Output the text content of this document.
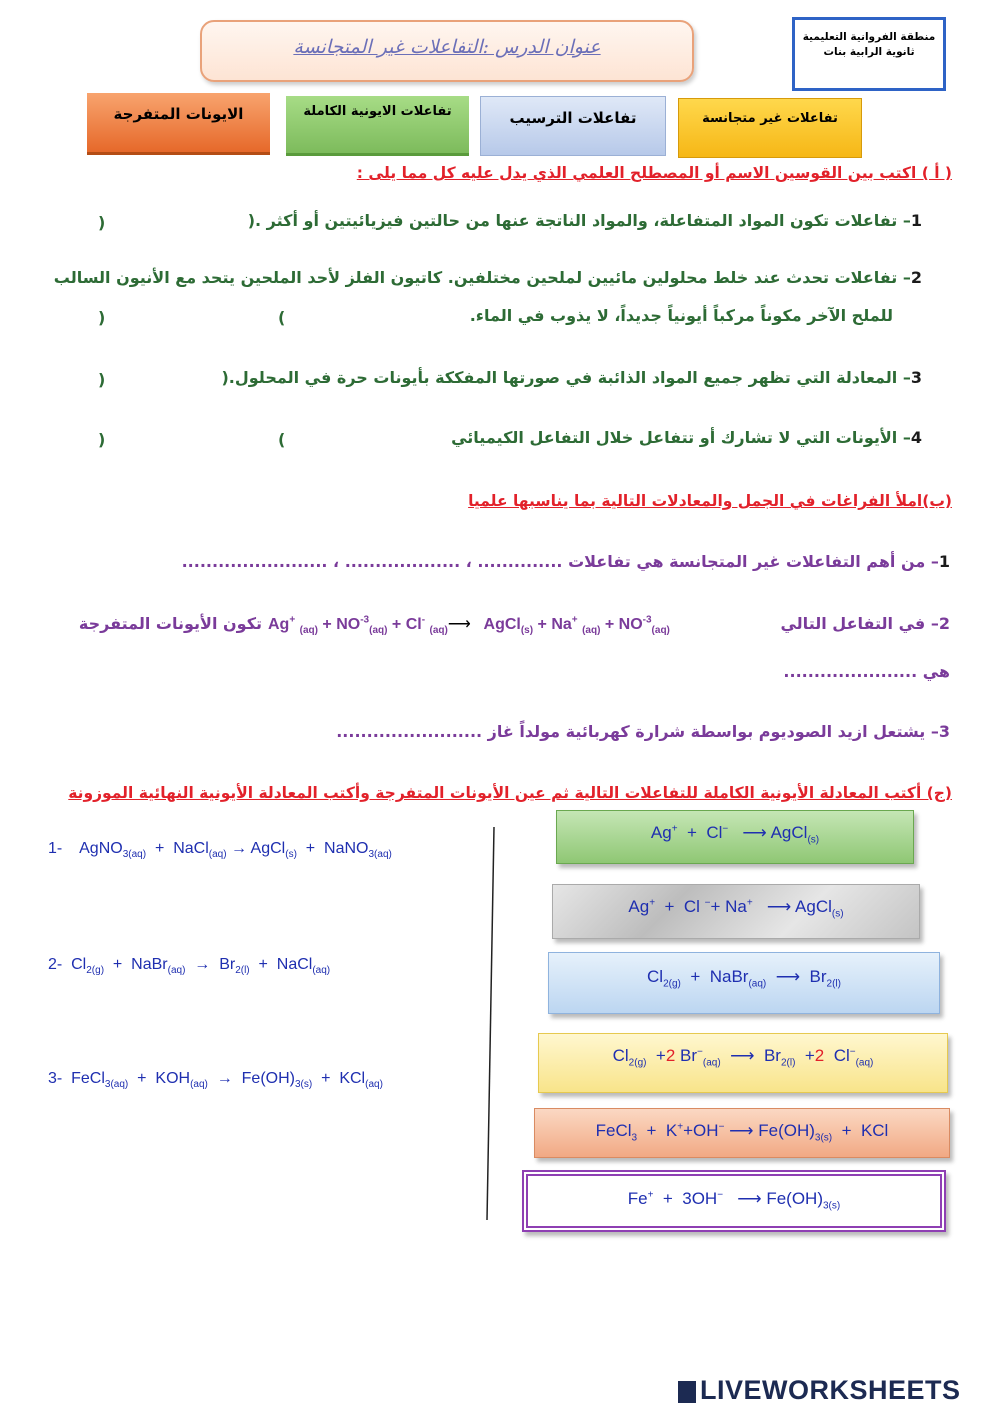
عنوان الدرس :التفاعلات غير المتجانسة	منطقة الفروانية التعليمية
ثانوية الرابية بنات
الايونات المتفرجة	تفاعلات الايونية الكاملة	تفاعلات الترسيب	تفاعلات غير متجانسة
( أ ) اكتب بين القوسين الاسم أو المصطلح العلمي الذي يدل عليه كل مما يلى :
1– تفاعلات تكون المواد المتفاعلة، والمواد الناتجة عنها من حالتين فيزيائيتين أو أكثر .(
)
2– تفاعلات تحدث عند خلط محلولين مائيين لملحين مختلفين. كاتيون الفلز لأحد الملحين يتحد مع الأنيون السالب
للملح الآخر مكوناً مركباً أيونياً جديداً، لا يذوب في الماء.
(
)
3– المعادلة التي تظهر جميع المواد الذائبة في صورتها المفككة بأيونات حرة في المحلول.(
)
4– الأيونات التي لا تشارك أو تتفاعل خلال التفاعل الكيميائي
(
)
(ب)املأ الفراغات في الجمل والمعادلات التالية بما يناسبها علميا
1– من أهم التفاعلات غير المتجانسة هي تفاعلات .............. ، ................... ، ........................
2– في التفاعل التالي
Ag+ $_{(aq)} + NO^{-3}_{(aq)} + Cl^-$ $_{(aq)}$⟶   AgCl$_{(s)}$ + Na+ $_{(aq)} + NO^{-3}_{(aq)}$
تكون الأيونات المتفرجة
هي ......................
3– يشتعل ازيد الصوديوم بواسطة شرارة كهربائية مولداً غاز ........................
(ج) أكتب المعادلة الأيونية الكاملة للتفاعلات التالية ثم عين الأيونات المتفرجة وأكتب المعادلة الأيونية النهائية الموزونة
1-    AgNO$_{3(aq)}$  +  NaCl$_{(aq)}$ → AgCl$_{(s)}$  +  NaNO$_{3(aq)}$
2-  $Cl_{2(g)}$  +  NaBr$_{(aq)}$  →  $Br_{2(l)}$  +  NaCl$_{(aq)}$
3-  FeCl$_{3(aq)}$  +  $KOH_{(aq)} \to Fe(OH)_{3(s)} + KCl_{(aq)}$
Ag+  +  Cl−   ⟶ AgCl$_{(s)}$
Ag+  +  Cl −+ Na+   ⟶ AgCl$_{(s)}$
$Cl_{2(g)}$  +  NaBr$_{(aq)}$  ⟶  $Br_{2(l)}$
$Cl_{2(g)} +2$ $Br^-_{(aq)}$  ⟶  $Br_{2(l)} +2$  $Cl^-_{(aq)}$
FeCl$_3$  +  K++OH− ⟶ $Fe(OH)_{3(s)}$  +  KCl
Fe+  +  3OH−   ⟶ $Fe(OH)_{3(s)}$
LIVEWORKSHEETS
